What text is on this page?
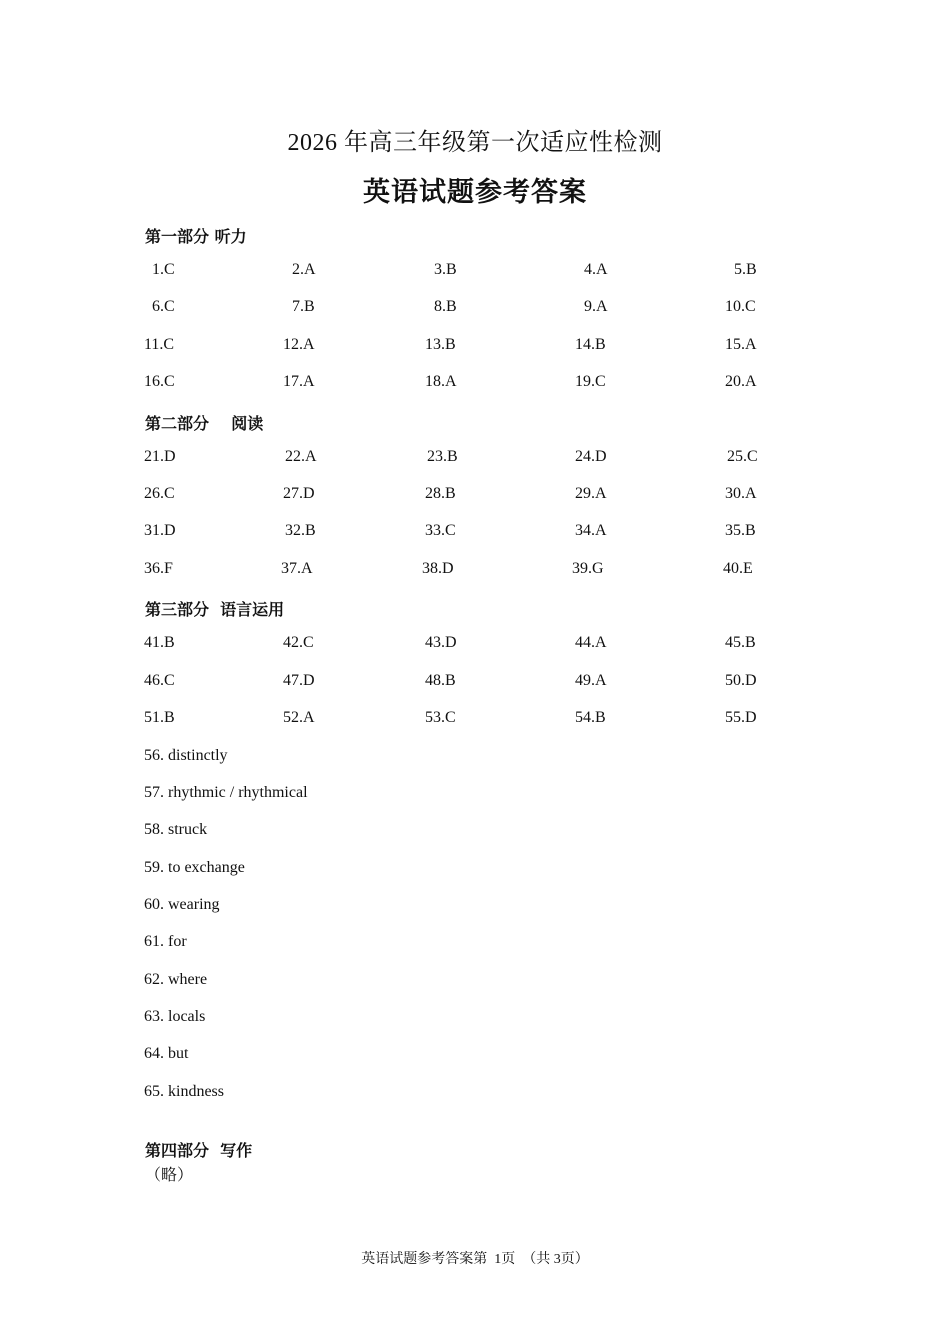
2026 年高三年级第一次适应性检测
英语试题参考答案
第一部分 听力
1.C	2.A	3.B	4.A	5.B
6.C	7.B	8.B	9.A	10.C
11.C	12.A	13.B	14.B	15.A
16.C	17.A	18.A	19.C	20.A
第二部分    阅读
21.D	22.A	23.B	24.D	25.C
26.C	27.D	28.B	29.A	30.A
31.D	32.B	33.C	34.A	35.B
36.F	37.A	38.D	39.G	40.E
第三部分  语言运用
41.B	42.C	43.D	44.A	45.B
46.C	47.D	48.B	49.A	50.D
51.B	52.A	53.C	54.B	55.D
56. distinctly
57. rhythmic / rhythmical
58. struck
59. to exchange
60. wearing
61. for
62. where
63. locals
64. but
65. kindness
第四部分  写作
（略）
英语试题参考答案第  1页  （共 3页）
